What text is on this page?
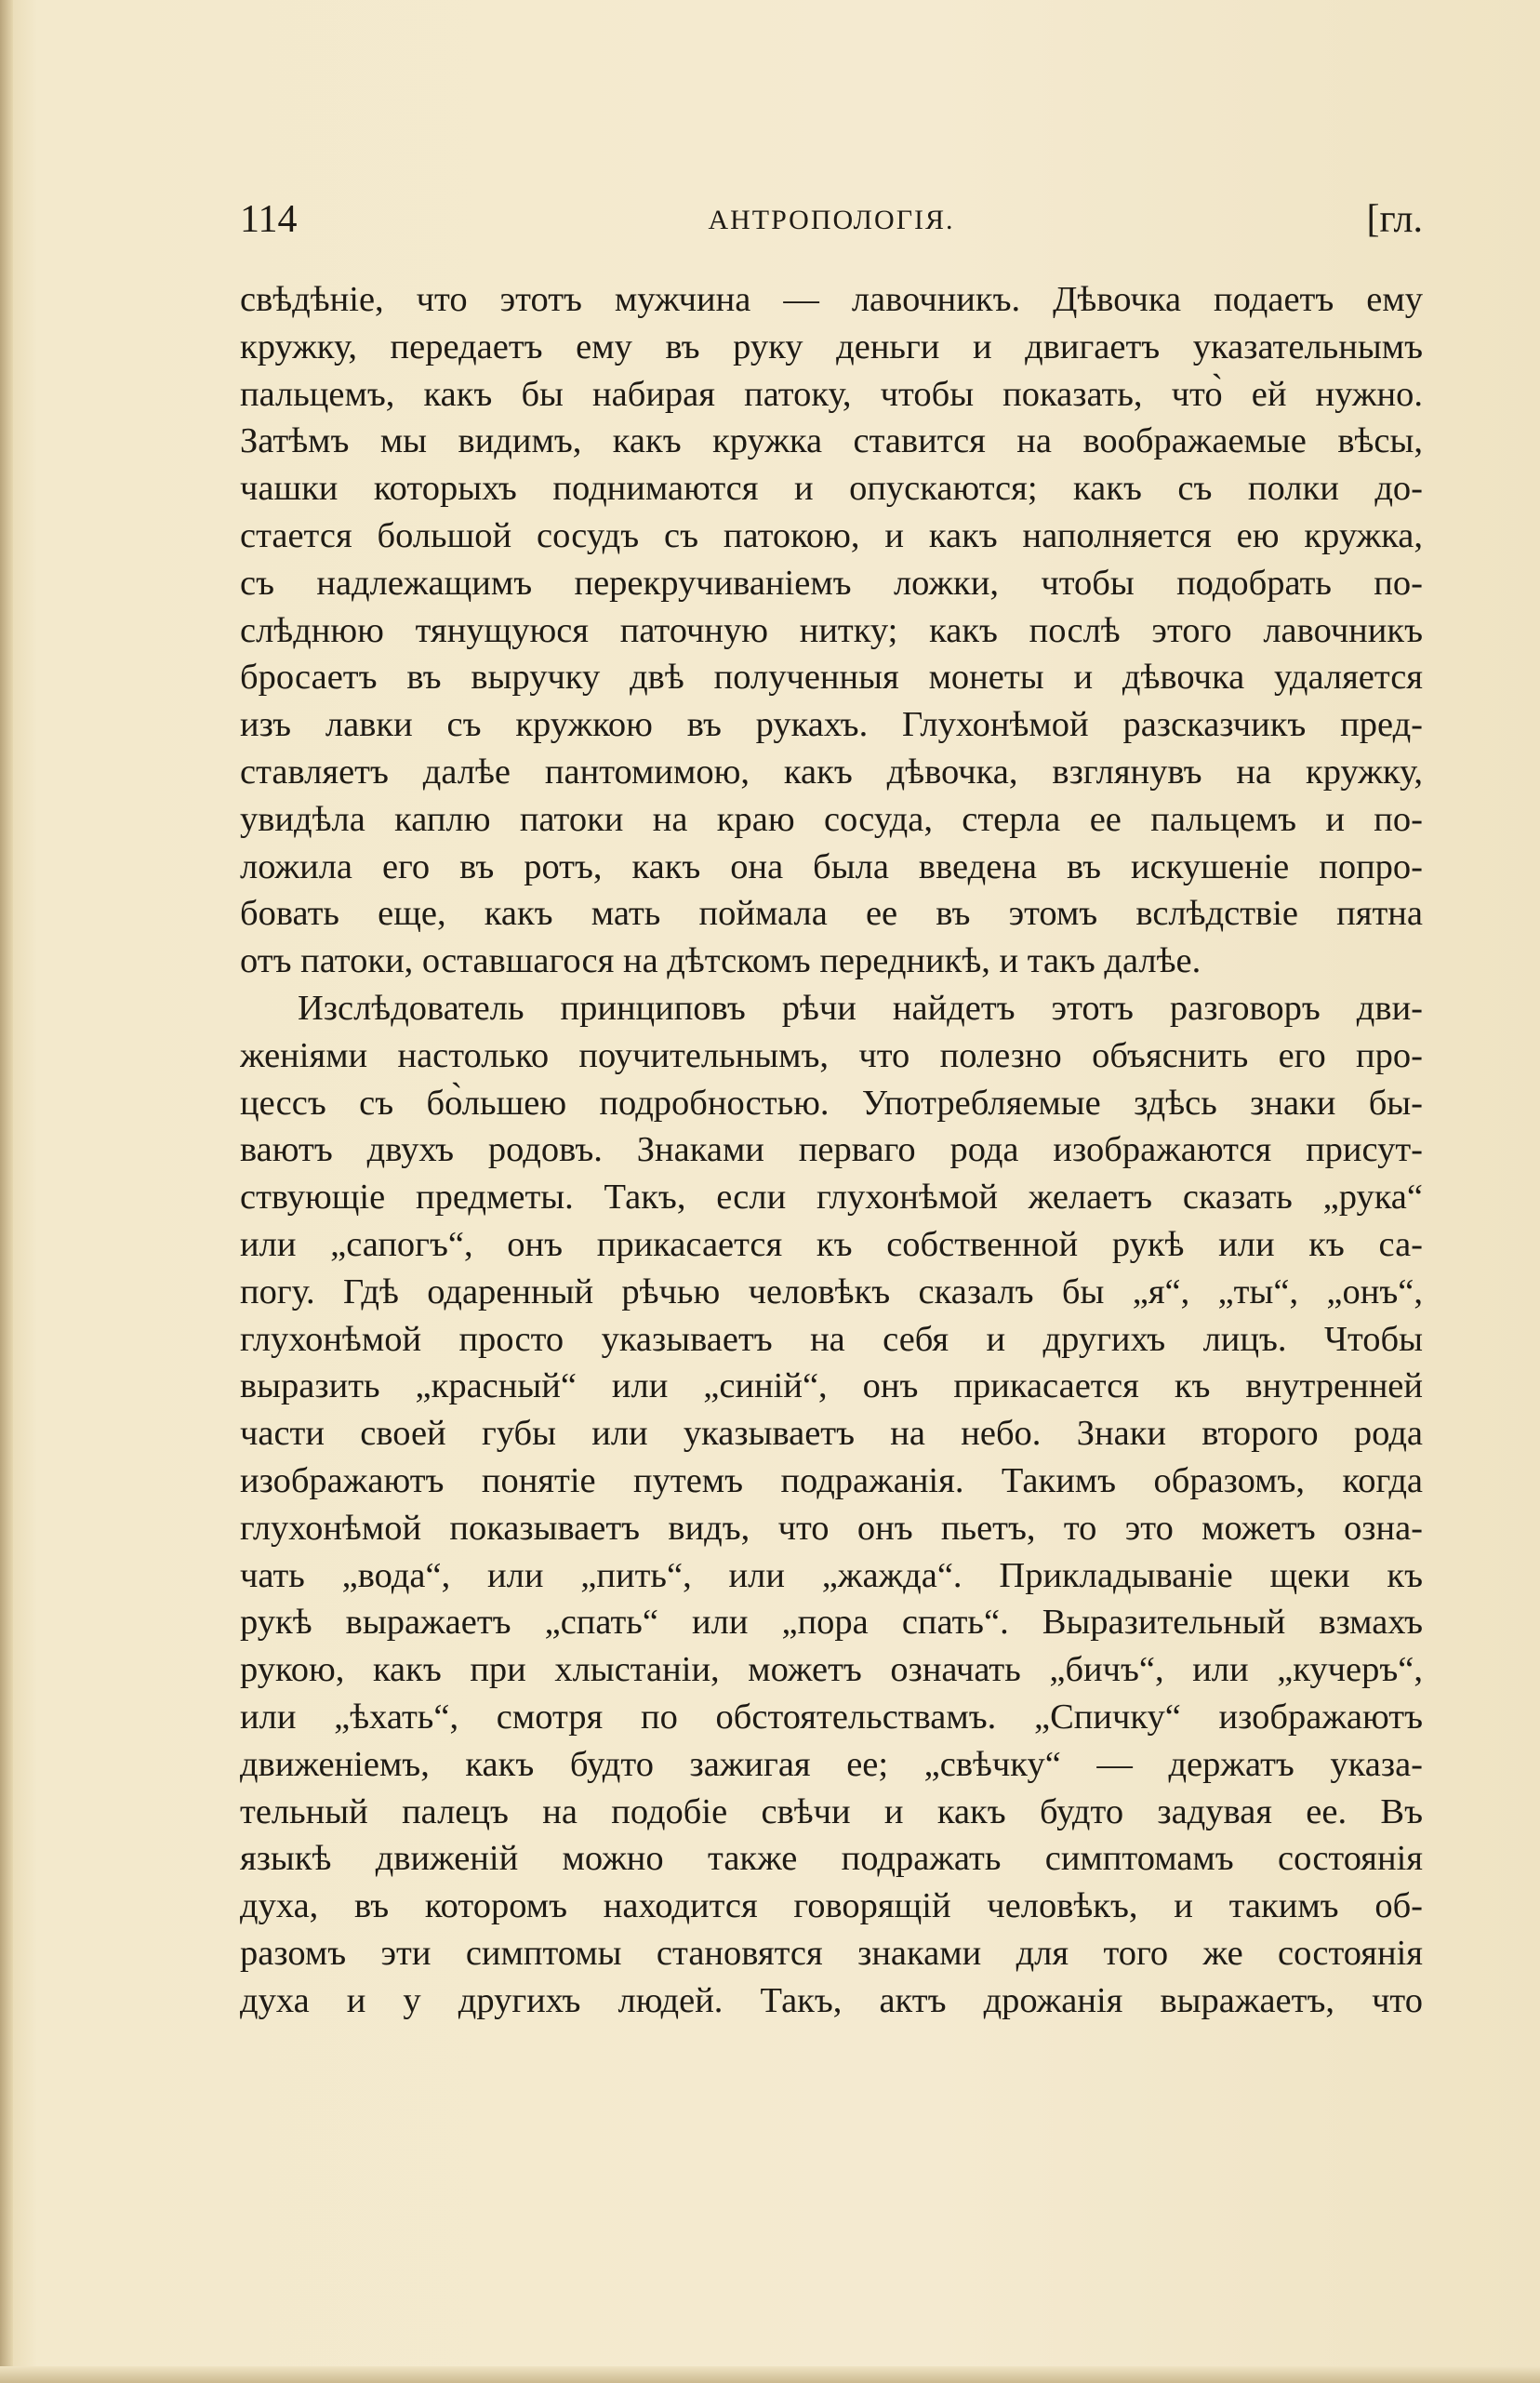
114	АНТРОПОЛОГІЯ.	[гл.
свѣдѣніе, что этотъ мужчина — лавочникъ. Дѣвочка подаетъ ему
кружку, передаетъ ему въ руку деньги и двигаетъ указательнымъ
пальцемъ, какъ бы набирая патоку, чтобы показать, что̀ ей нужно.
Затѣмъ мы видимъ, какъ кружка ставится на воображаемые вѣсы,
чашки которыхъ поднимаются и опускаются; какъ съ полки до-
стается большой сосудъ съ патокою, и какъ наполняется ею кружка,
съ надлежащимъ перекручиваніемъ ложки, чтобы подобрать по-
слѣднюю тянущуюся паточную нитку; какъ послѣ этого лавочникъ
бросаетъ въ выручку двѣ полученныя монеты и дѣвочка удаляется
изъ лавки съ кружкою въ рукахъ. Глухонѣмой разсказчикъ пред-
ставляетъ далѣе пантомимою, какъ дѣвочка, взглянувъ на кружку,
увидѣла каплю патоки на краю сосуда, стерла ее пальцемъ и по-
ложила его въ ротъ, какъ она была введена въ искушеніе попро-
бовать еще, какъ мать поймала ее въ этомъ вслѣдствіе пятна
отъ патоки, оставшагося на дѣтскомъ передникѣ, и такъ далѣе.
Изслѣдователь принциповъ рѣчи найдетъ этотъ разговоръ дви-
женіями настолько поучительнымъ, что полезно объяснить его про-
цессъ съ бо̀льшею подробностью. Употребляемые здѣсь знаки бы-
ваютъ двухъ родовъ. Знаками перваго рода изображаются присут-
ствующіе предметы. Такъ, если глухонѣмой желаетъ сказать „рука“
или „сапогъ“, онъ прикасается къ собственной рукѣ или къ са-
погу. Гдѣ одаренный рѣчью человѣкъ сказалъ бы „я“, „ты“, „онъ“,
глухонѣмой просто указываетъ на себя и другихъ лицъ. Чтобы
выразить „красный“ или „синій“, онъ прикасается къ внутренней
части своей губы или указываетъ на небо. Знаки второго рода
изображаютъ понятіе путемъ подражанія. Такимъ образомъ, когда
глухонѣмой показываетъ видъ, что онъ пьетъ, то это можетъ озна-
чать „вода“, или „пить“, или „жажда“. Прикладываніе щеки къ
рукѣ выражаетъ „спать“ или „пора спать“. Выразительный взмахъ
рукою, какъ при хлыстаніи, можетъ означать „бичъ“, или „кучеръ“,
или „ѣхать“, смотря по обстоятельствамъ. „Спичку“ изображаютъ
движеніемъ, какъ будто зажигая ее; „свѣчку“ — держатъ указа-
тельный палецъ на подобіе свѣчи и какъ будто задувая ее. Въ
языкѣ движеній можно также подражать симптомамъ состоянія
духа, въ которомъ находится говорящій человѣкъ, и такимъ об-
разомъ эти симптомы становятся знаками для того же состоянія
духа и у другихъ людей. Такъ, актъ дрожанія выражаетъ, что
